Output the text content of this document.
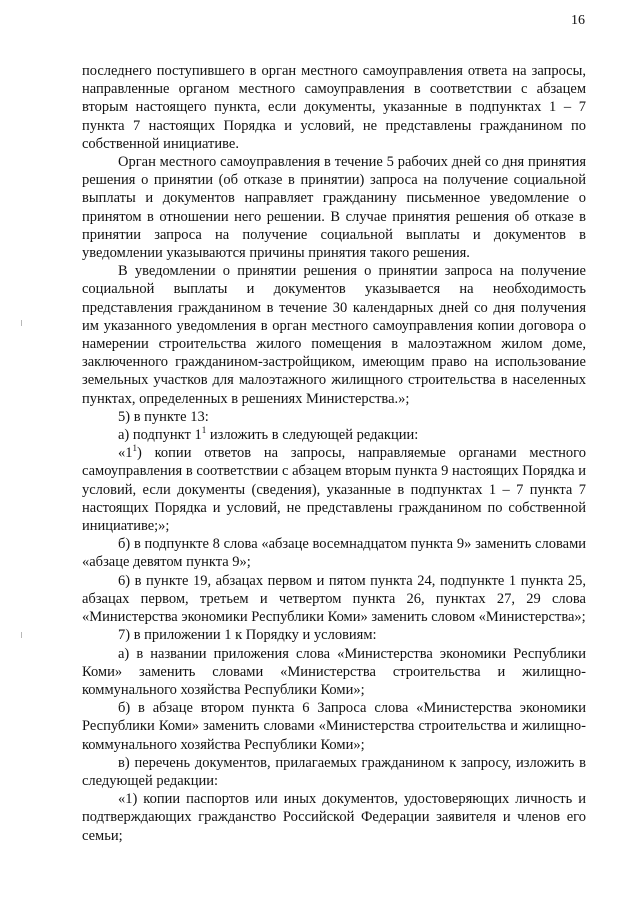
16

последнего поступившего в орган местного самоуправления ответа на запросы, направленные органом местного самоуправления в соответствии с абзацем вторым настоящего пункта, если документы, указанные в подпунктах 1 – 7 пункта 7 настоящих Порядка и условий, не представлены гражданином по собственной инициативе.

Орган местного самоуправления в течение 5 рабочих дней со дня принятия решения о принятии (об отказе в принятии) запроса на получение социальной выплаты и документов направляет гражданину письменное уведомление о принятом в отношении него решении. В случае принятия решения об отказе в принятии запроса на получение социальной выплаты и документов в уведомлении указываются причины принятия такого решения.

В уведомлении о принятии решения о принятии запроса на получение социальной выплаты и документов указывается на необходимость представления гражданином в течение 30 календарных дней со дня получения им указанного уведомления в орган местного самоуправления копии договора о намерении строительства жилого помещения в малоэтажном жилом доме, заключенного гражданином-застройщиком, имеющим право на использование земельных участков для малоэтажного жилищного строительства в населенных пунктах, определенных в решениях Министерства.»;

5) в пункте 13:

а) подпункт $1^1$ изложить в следующей редакции:

«$1^1$) копии ответов на запросы, направляемые органами местного самоуправления в соответствии с абзацем вторым пункта 9 настоящих Порядка и условий, если документы (сведения), указанные в подпунктах 1 – 7 пункта 7 настоящих Порядка и условий, не представлены гражданином по собственной инициативе;»;

б) в подпункте 8 слова «абзаце восемнадцатом пункта 9» заменить словами «абзаце девятом пункта 9»;

6) в пункте 19, абзацах первом и пятом пункта 24, подпункте 1 пункта 25, абзацах первом, третьем и четвертом пункта 26, пунктах 27, 29 слова «Министерства экономики Республики Коми» заменить словом «Министерства»;

7) в приложении 1 к Порядку и условиям:

а) в названии приложения слова «Министерства экономики Республики Коми» заменить словами «Министерства строительства и жилищно-коммунального хозяйства Республики Коми»;

б) в абзаце втором пункта 6 Запроса слова «Министерства экономики Республики Коми» заменить словами «Министерства строительства и жилищно-коммунального хозяйства Республики Коми»;

в) перечень документов, прилагаемых гражданином к запросу, изложить в следующей редакции:

«1) копии паспортов или иных документов, удостоверяющих личность и подтверждающих гражданство Российской Федерации заявителя и членов его семьи;
